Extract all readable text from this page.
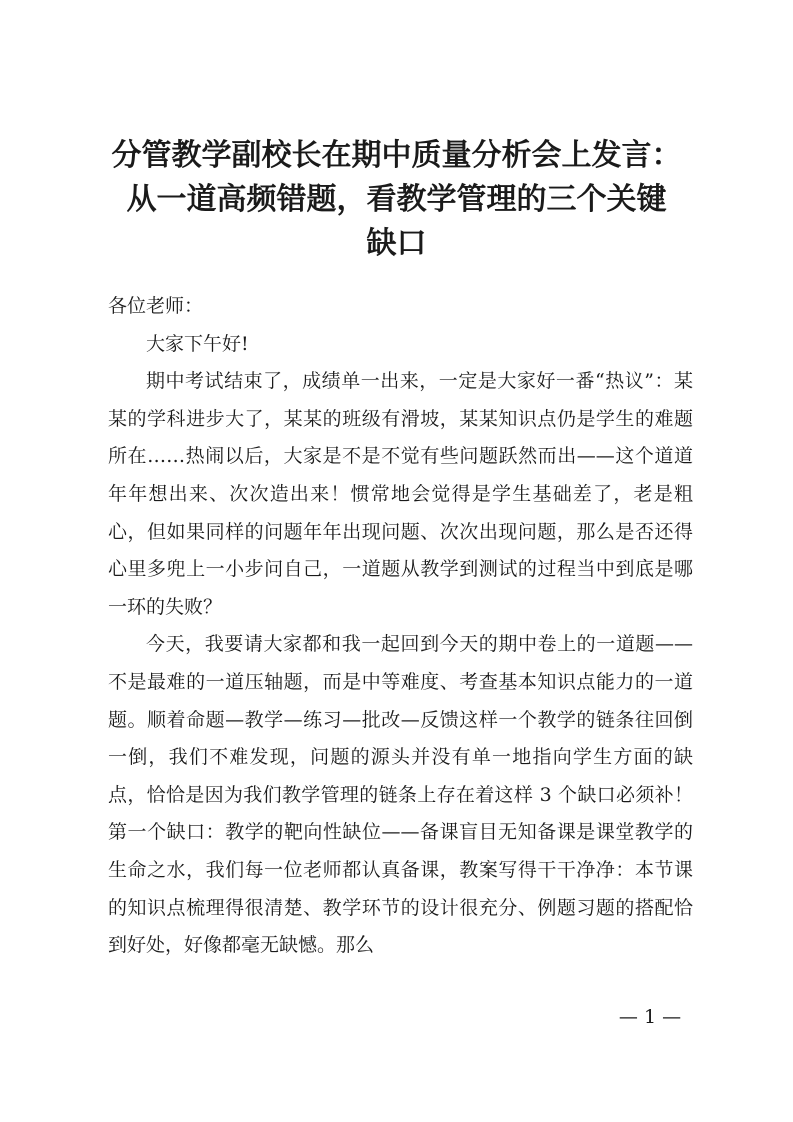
分管教学副校长在期中质量分析会上发言：
从一道高频错题，看教学管理的三个关键
缺口

各位老师：

大家下午好!

期中考试结束了，成绩单一出来，一定是大家好一番“热议”：某某的学科进步大了，某某的班级有滑坡，某某知识点仍是学生的难题所在……热闹以后，大家是不是不觉有些问题跃然而出——这个道道年年想出来、次次造出来！惯常地会觉得是学生基础差了，老是粗心，但如果同样的问题年年出现问题、次次出现问题，那么是否还得心里多兜上一小步问自己，一道题从教学到测试的过程当中到底是哪一环的失败？

今天，我要请大家都和我一起回到今天的期中卷上的一道题——不是最难的一道压轴题，而是中等难度、考查基本知识点能力的一道题。顺着命题—教学—练习—批改—反馈这样一个教学的链条往回倒一倒，我们不难发现，问题的源头并没有单一地指向学生方面的缺点，恰恰是因为我们教学管理的链条上存在着这样 3 个缺口必须补！第一个缺口：教学的靶向性缺位——备课盲目无知备课是课堂教学的生命之水，我们每一位老师都认真备课，教案写得干干净净：本节课的知识点梳理得很清楚、教学环节的设计很充分、例题习题的搭配恰到好处，好像都毫无缺憾。那么

— 1 —
